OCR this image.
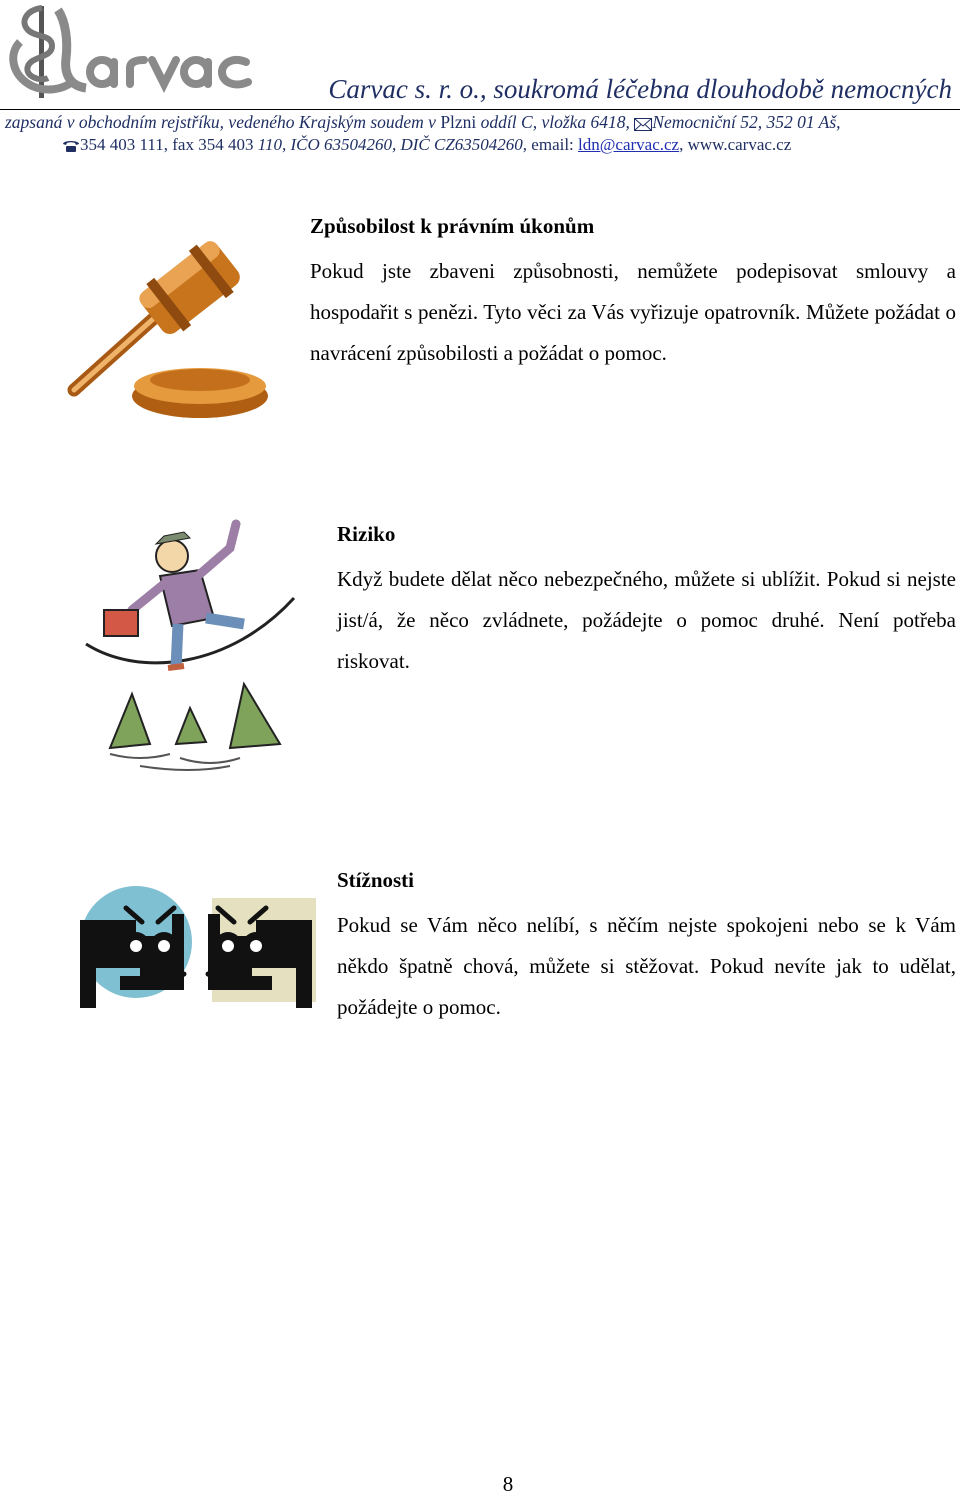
Carvac s. r. o., soukromá léčebna dlouhodobě nemocných
zapsaná v obchodním rejstříku, vedeného Krajským soudem v Plzni oddíl C, vložka 6418, Nemocniční 52, 352 01 Aš,
354 403 111, fax 354 403 110, IČO 63504260, DIČ CZ63504260, email: ldn@carvac.cz, www.carvac.cz
Způsobilost k právním úkonům

Pokud jste zbaveni způsobnosti, nemůžete podepisovat smlouvy a hospodařit s penězi. Tyto věci za Vás vyřizuje opatrovník. Můžete požádat o navrácení způsobilosti a požádat o pomoc.

Riziko

Když budete dělat něco nebezpečného, můžete si ublížit. Pokud si nejste jist/á, že něco zvládnete, požádejte o pomoc druhé. Není potřeba riskovat.

Stížnosti

Pokud se Vám něco nelíbí, s něčím nejste spokojeni nebo se k Vám někdo špatně chová, můžete si stěžovat. Pokud nevíte jak to udělat, požádejte o pomoc.

8
